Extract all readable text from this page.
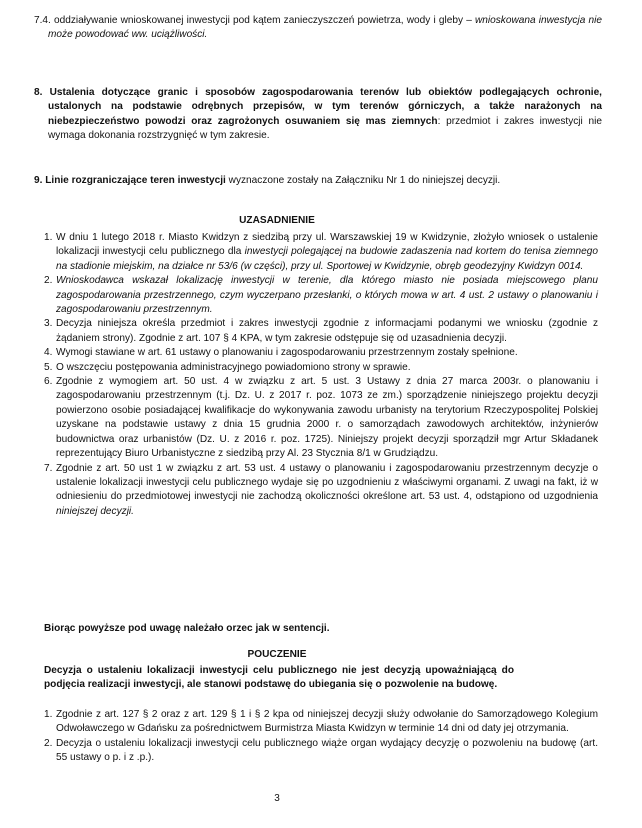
7.4. oddziaływanie wnioskowanej inwestycji pod kątem zanieczyszczeń powietrza, wody i gleby – wnioskowana inwestycja nie może powodować ww. uciążliwości.
8. Ustalenia dotyczące granic i sposobów zagospodarowania terenów lub obiektów podlegających ochronie, ustalonych na podstawie odrębnych przepisów, w tym terenów górniczych, a także narażonych na niebezpieczeństwo powodzi oraz zagrożonych osuwaniem się mas ziemnych: przedmiot i zakres inwestycji nie wymaga dokonania rozstrzygnięć w tym zakresie.
9. Linie rozgraniczające teren inwestycji wyznaczone zostały na Załączniku Nr 1 do niniejszej decyzji.
UZASADNIENIE
1. W dniu 1 lutego 2018 r. Miasto Kwidzyn z siedzibą przy ul. Warszawskiej 19 w Kwidzynie, złożyło wniosek o ustalenie lokalizacji inwestycji celu publicznego dla inwestycji polegającej na budowie zadaszenia nad kortem do tenisa ziemnego na stadionie miejskim, na działce nr 53/6 (w części), przy ul. Sportowej w Kwidzynie, obręb geodezyjny Kwidzyn 0014.
2. Wnioskodawca wskazał lokalizację inwestycji w terenie, dla którego miasto nie posiada miejscowego planu zagospodarowania przestrzennego, czym wyczerpano przesłanki, o których mowa w art. 4 ust. 2 ustawy o planowaniu i zagospodarowaniu przestrzennym.
3. Decyzja niniejsza określa przedmiot i zakres inwestycji zgodnie z informacjami podanymi we wniosku (zgodnie z żądaniem strony). Zgodnie z art. 107 § 4 KPA, w tym zakresie odstępuje się od uzasadnienia decyzji.
4. Wymogi stawiane w art. 61 ustawy o planowaniu i zagospodarowaniu przestrzennym zostały spełnione.
5. O wszczęciu postępowania administracyjnego powiadomiono strony w sprawie.
6. Zgodnie z wymogiem art. 50 ust. 4 w związku z art. 5 ust. 3 Ustawy z dnia 27 marca 2003r. o planowaniu i zagospodarowaniu przestrzennym (t.j. Dz. U. z 2017 r. poz. 1073 ze zm.) sporządzenie niniejszego projektu decyzji powierzono osobie posiadającej kwalifikacje do wykonywania zawodu urbanisty na terytorium Rzeczypospolitej Polskiej uzyskane na podstawie ustawy z dnia 15 grudnia 2000 r. o samorządach zawodowych architektów, inżynierów budownictwa oraz urbanistów (Dz. U. z 2016 r. poz. 1725). Niniejszy projekt decyzji sporządził mgr Artur Składanek reprezentujący Biuro Urbanistyczne z siedzibą przy Al. 23 Stycznia 8/1 w Grudziądzu.
7. Zgodnie z art. 50 ust 1 w związku z art. 53 ust. 4 ustawy o planowaniu i zagospodarowaniu przestrzennym decyzje o ustalenie lokalizacji inwestycji celu publicznego wydaje się po uzgodnieniu z właściwymi organami. Z uwagi na fakt, iż w odniesieniu do przedmiotowej inwestycji nie zachodzą okoliczności określone art. 53 ust. 4, odstąpiono od uzgodnienia niniejszej decyzji.
Biorąc powyższe pod uwagę należało orzec jak w sentencji.
POUCZENIE
Decyzja o ustaleniu lokalizacji inwestycji celu publicznego nie jest decyzją upoważniającą do podjęcia realizacji inwestycji, ale stanowi podstawę do ubiegania się o pozwolenie na budowę.
1. Zgodnie z art. 127 § 2 oraz z art. 129 § 1 i § 2 kpa od niniejszej decyzji służy odwołanie do Samorządowego Kolegium Odwoławczego w Gdańsku za pośrednictwem Burmistrza Miasta Kwidzyn w terminie 14 dni od daty jej otrzymania.
2. Decyzja o ustaleniu lokalizacji inwestycji celu publicznego wiąże organ wydający decyzję o pozwoleniu na budowę (art. 55 ustawy o p. i z .p.).
3
